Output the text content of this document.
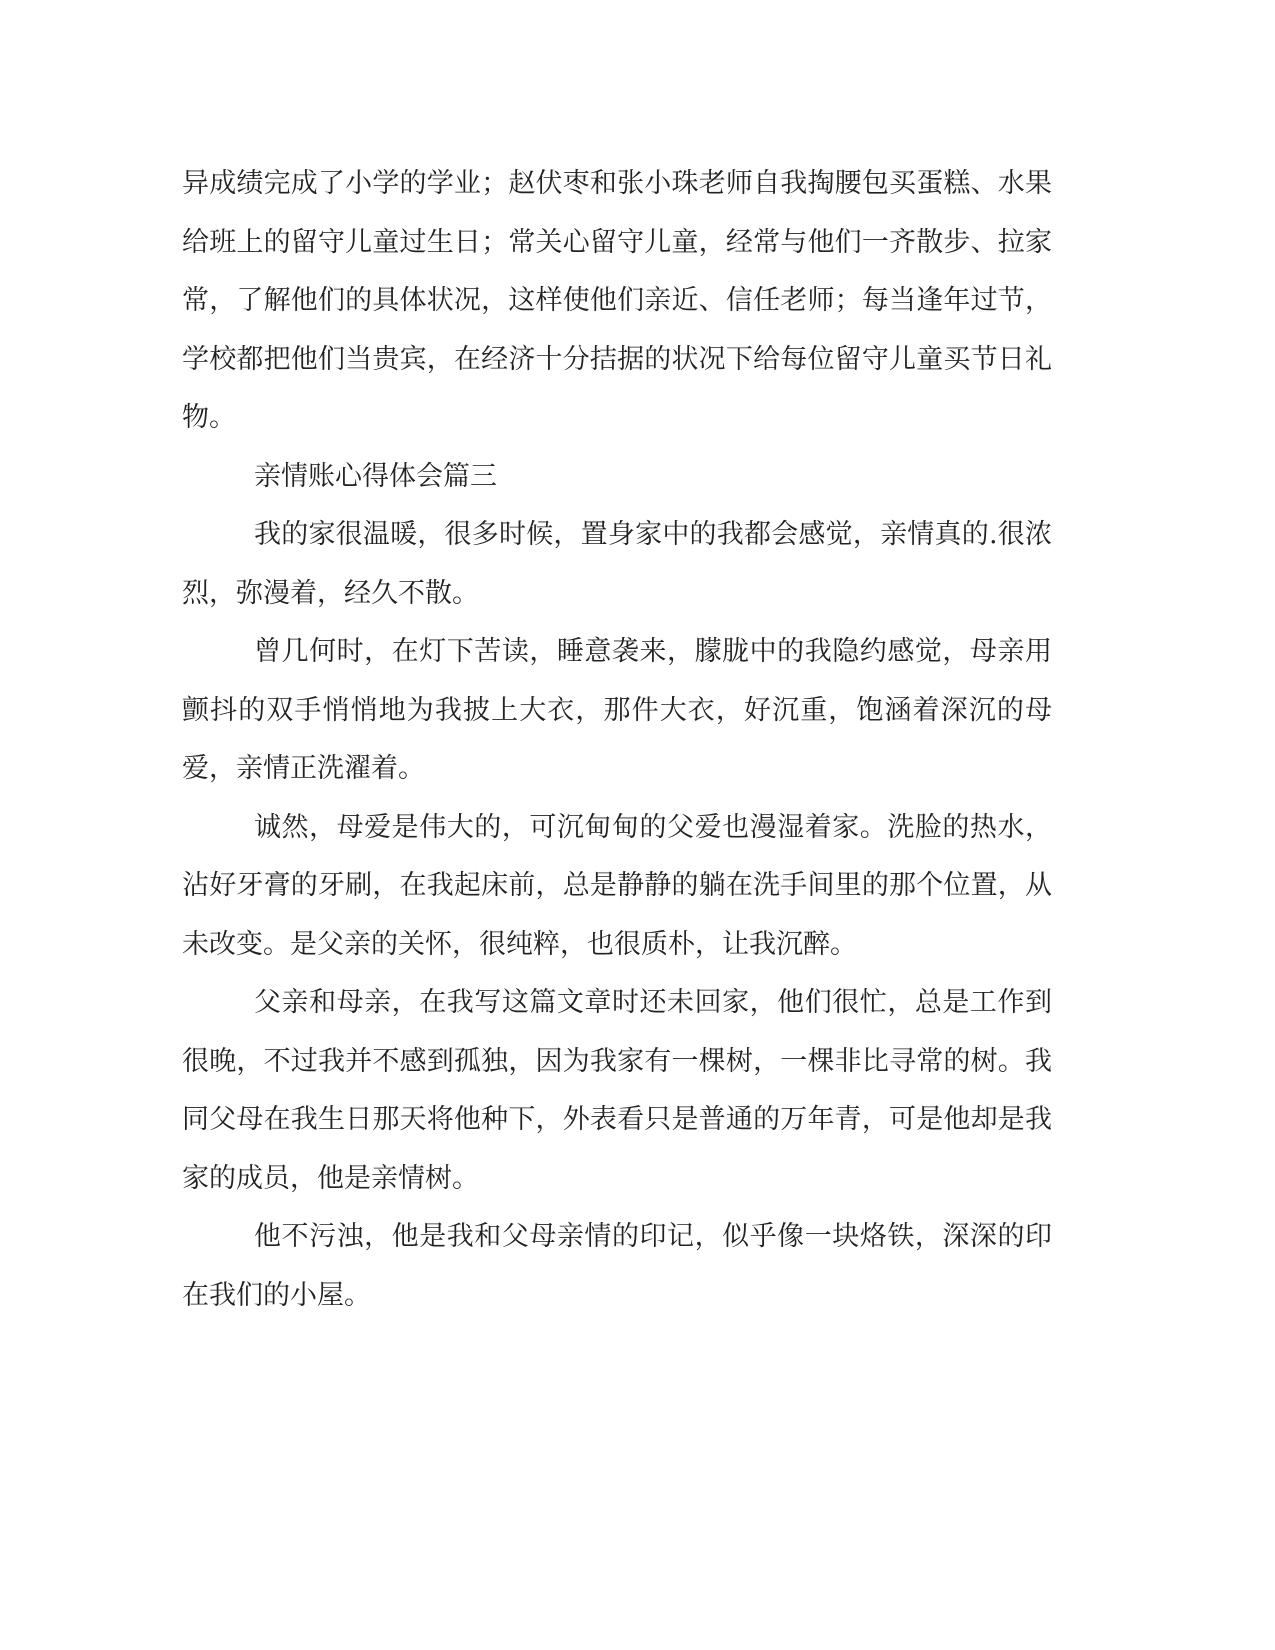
异成绩完成了小学的学业；赵伏枣和张小珠老师自我掏腰包买蛋糕、水果给班上的留守儿童过生日；常关心留守儿童，经常与他们一齐散步、拉家常，了解他们的具体状况，这样使他们亲近、信任老师；每当逢年过节，学校都把他们当贵宾，在经济十分拮据的状况下给每位留守儿童买节日礼物。

亲情账心得体会篇三

我的家很温暖，很多时候，置身家中的我都会感觉，亲情真的.很浓烈，弥漫着，经久不散。

曾几何时，在灯下苦读，睡意袭来，朦胧中的我隐约感觉，母亲用颤抖的双手悄悄地为我披上大衣，那件大衣，好沉重，饱涵着深沉的母爱，亲情正洗濯着。

诚然，母爱是伟大的，可沉甸甸的父爱也漫湿着家。洗脸的热水，沾好牙膏的牙刷，在我起床前，总是静静的躺在洗手间里的那个位置，从未改变。是父亲的关怀，很纯粹，也很质朴，让我沉醉。

父亲和母亲，在我写这篇文章时还未回家，他们很忙，总是工作到很晚，不过我并不感到孤独，因为我家有一棵树，一棵非比寻常的树。我同父母在我生日那天将他种下，外表看只是普通的万年青，可是他却是我家的成员，他是亲情树。

他不污浊，他是我和父母亲情的印记，似乎像一块烙铁，深深的印在我们的小屋。
